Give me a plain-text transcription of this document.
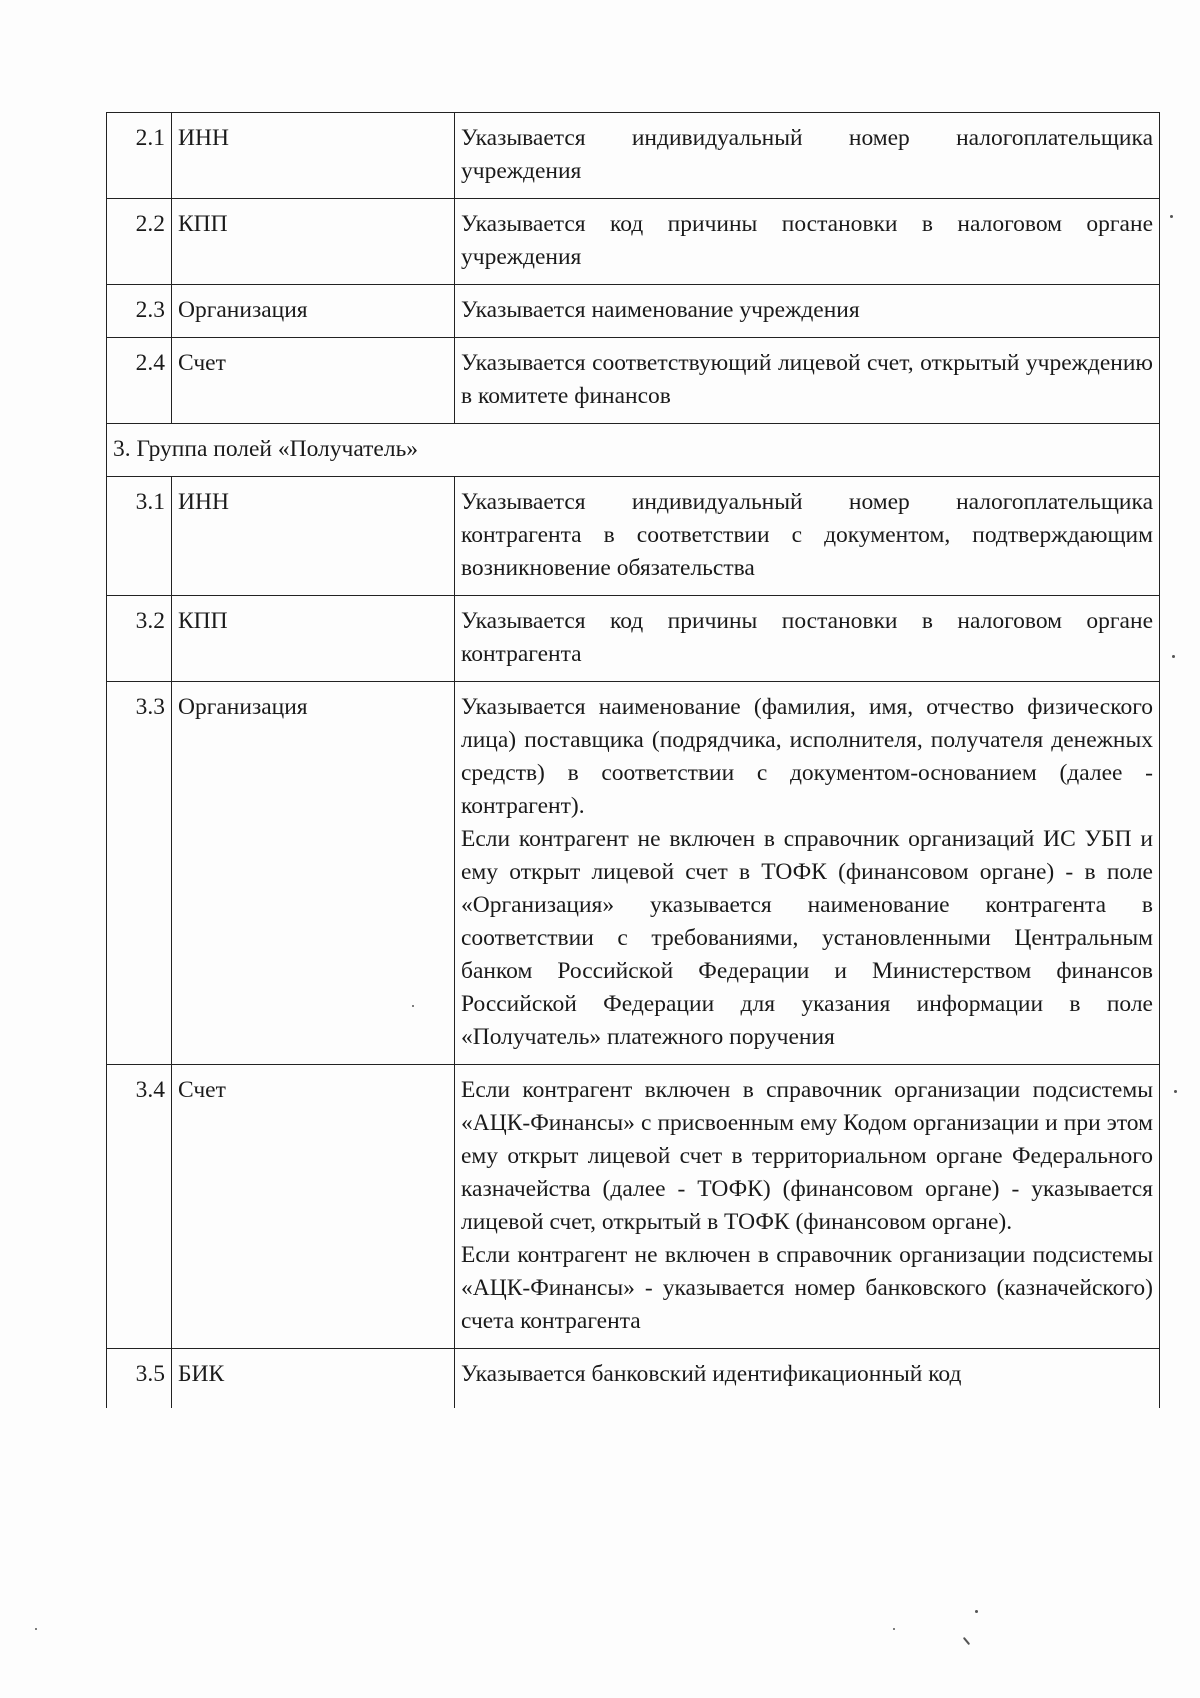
2.1	ИНН	Указывается индивидуальный номер налогоплательщика учреждения

2.2	КПП	Указывается код причины постановки в налоговом органе учреждения

2.3	Организация	Указывается наименование учреждения

2.4	Счет	Указывается соответствующий лицевой счет, открытый учреждению в комитете финансов

3. Группа полей «Получатель»		
3.1	ИНН	Указывается индивидуальный номер налогоплательщика контрагента в соответствии с документом, подтверждающим возникновение обязательства

3.2	КПП	Указывается код причины постановки в налоговом органе контрагента

3.3	Организация	Указывается наименование (фамилия, имя, отчество физического лица) поставщика (подрядчика, исполнителя, получателя денежных средств) в соответствии с документом-основанием (далее - контрагент).

Если контрагент не включен в справочник организаций ИС УБП и ему открыт лицевой счет в ТОФК (финансовом органе) - в поле «Организация» указывается наименование контрагента в соответствии с требованиями, установленными Центральным банком Российской Федерации и Министерством финансов Российской Федерации для указания информации в поле «Получатель» платежного поручения

3.4	Счет	Если контрагент включен в справочник организации подсистемы «АЦК-Финансы» с присвоенным ему Кодом организации и при этом ему открыт лицевой счет в территориальном органе Федерального казначейства (далее - ТОФК) (финансовом органе) - указывается лицевой счет, открытый в ТОФК (финансовом органе).

Если контрагент не включен в справочник организации подсистемы «АЦК-Финансы» - указывается номер банковского (казначейского) счета контрагента

3.5	БИК	Указывается банковский идентификационный код
